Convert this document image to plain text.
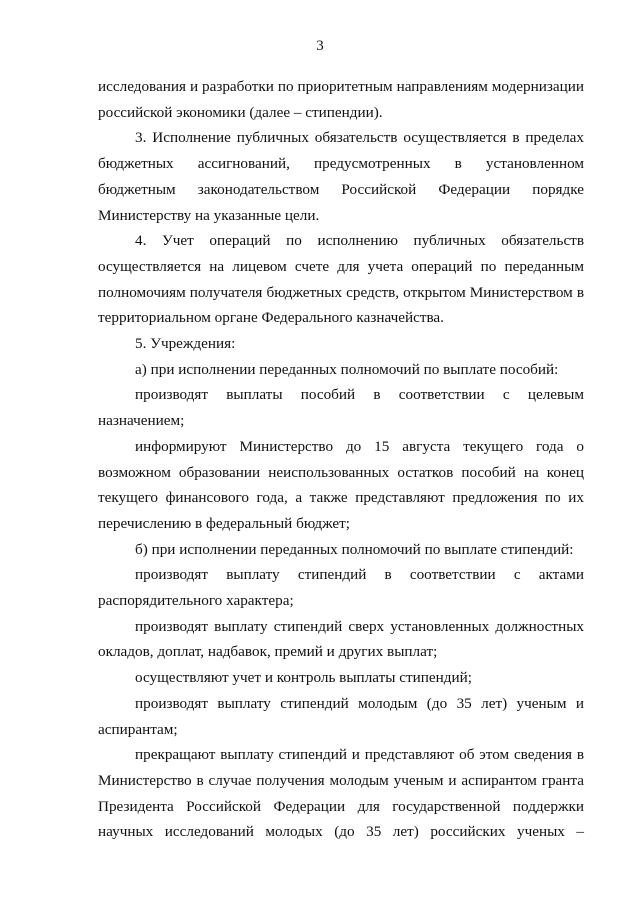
3

исследования и разработки по приоритетным направлениям модернизации российской экономики (далее – стипендии).

3. Исполнение публичных обязательств осуществляется в пределах бюджетных ассигнований, предусмотренных в установленном бюджетным законодательством Российской Федерации порядке Министерству на указанные цели.

4. Учет операций по исполнению публичных обязательств осуществляется на лицевом счете для учета операций по переданным полномочиям получателя бюджетных средств, открытом Министерством в территориальном органе Федерального казначейства.

5. Учреждения:

а) при исполнении переданных полномочий по выплате пособий:

производят выплаты пособий в соответствии с целевым назначением;

информируют Министерство до 15 августа текущего года о возможном образовании неиспользованных остатков пособий на конец текущего финансового года, а также представляют предложения по их перечислению в федеральный бюджет;

б) при исполнении переданных полномочий по выплате стипендий:

производят выплату стипендий в соответствии с актами распорядительного характера;

производят выплату стипендий сверх установленных должностных окладов, доплат, надбавок, премий и других выплат;

осуществляют учет и контроль выплаты стипендий;

производят выплату стипендий молодым (до 35 лет) ученым и аспирантам;

прекращают выплату стипендий и представляют об этом сведения в Министерство в случае получения молодым ученым и аспирантом гранта Президента Российской Федерации для государственной поддержки научных исследований молодых (до 35 лет) российских ученых –
